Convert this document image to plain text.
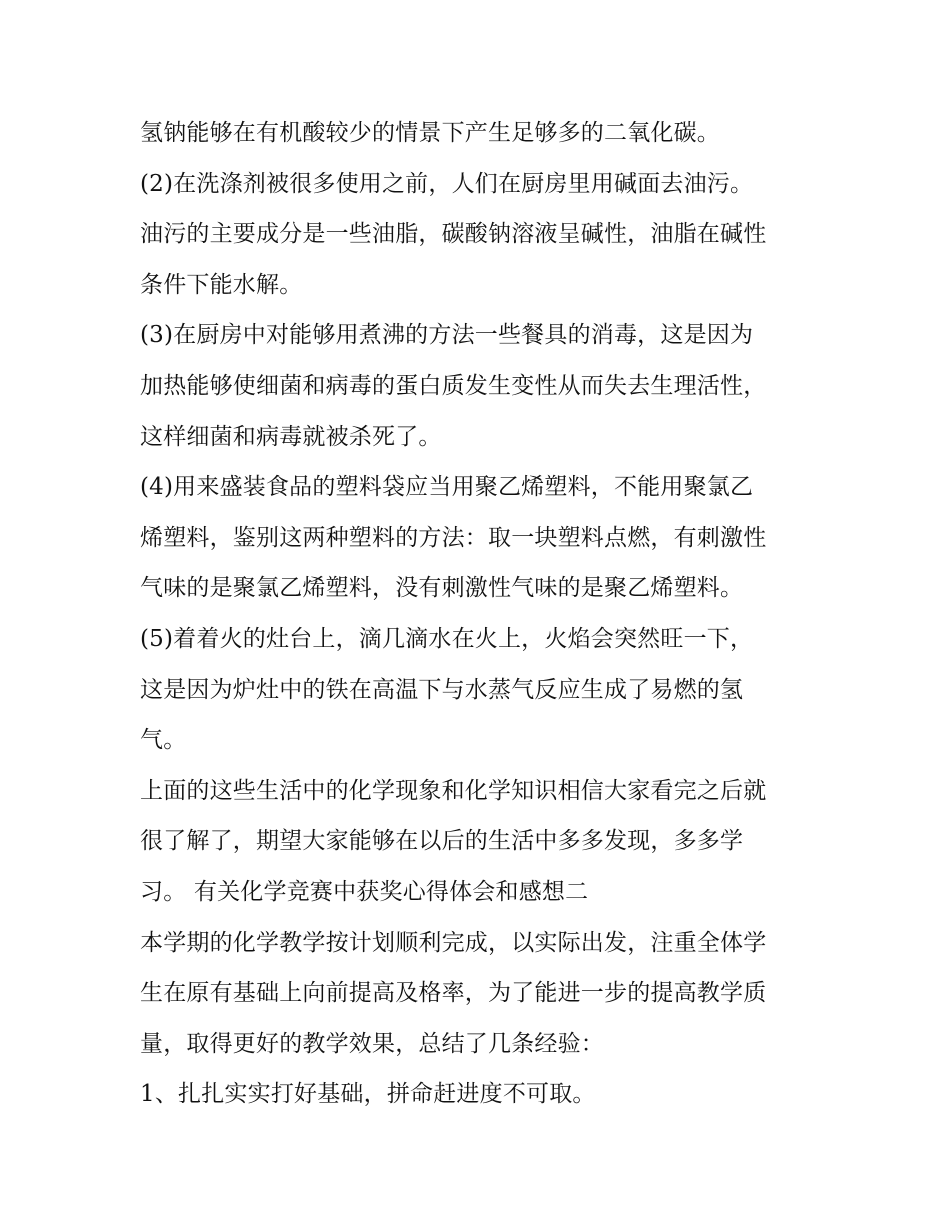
氢钠能够在有机酸较少的情景下产生足够多的二氧化碳。
(2)在洗涤剂被很多使用之前，人们在厨房里用碱面去油污。
油污的主要成分是一些油脂，碳酸钠溶液呈碱性，油脂在碱性
条件下能水解。
(3)在厨房中对能够用煮沸的方法一些餐具的消毒，这是因为
加热能够使细菌和病毒的蛋白质发生变性从而失去生理活性，
这样细菌和病毒就被杀死了。
(4)用来盛装食品的塑料袋应当用聚乙烯塑料，不能用聚氯乙
烯塑料，鉴别这两种塑料的方法：取一块塑料点燃，有刺激性
气味的是聚氯乙烯塑料，没有刺激性气味的是聚乙烯塑料。
(5)着着火的灶台上，滴几滴水在火上，火焰会突然旺一下，
这是因为炉灶中的铁在高温下与水蒸气反应生成了易燃的氢
气。
上面的这些生活中的化学现象和化学知识相信大家看完之后就
很了解了，期望大家能够在以后的生活中多多发现，多多学
习。 有关化学竞赛中获奖心得体会和感想二
本学期的化学教学按计划顺利完成，以实际出发，注重全体学
生在原有基础上向前提高及格率，为了能进一步的提高教学质
量，取得更好的教学效果，总结了几条经验：
1、扎扎实实打好基础，拼命赶进度不可取。
